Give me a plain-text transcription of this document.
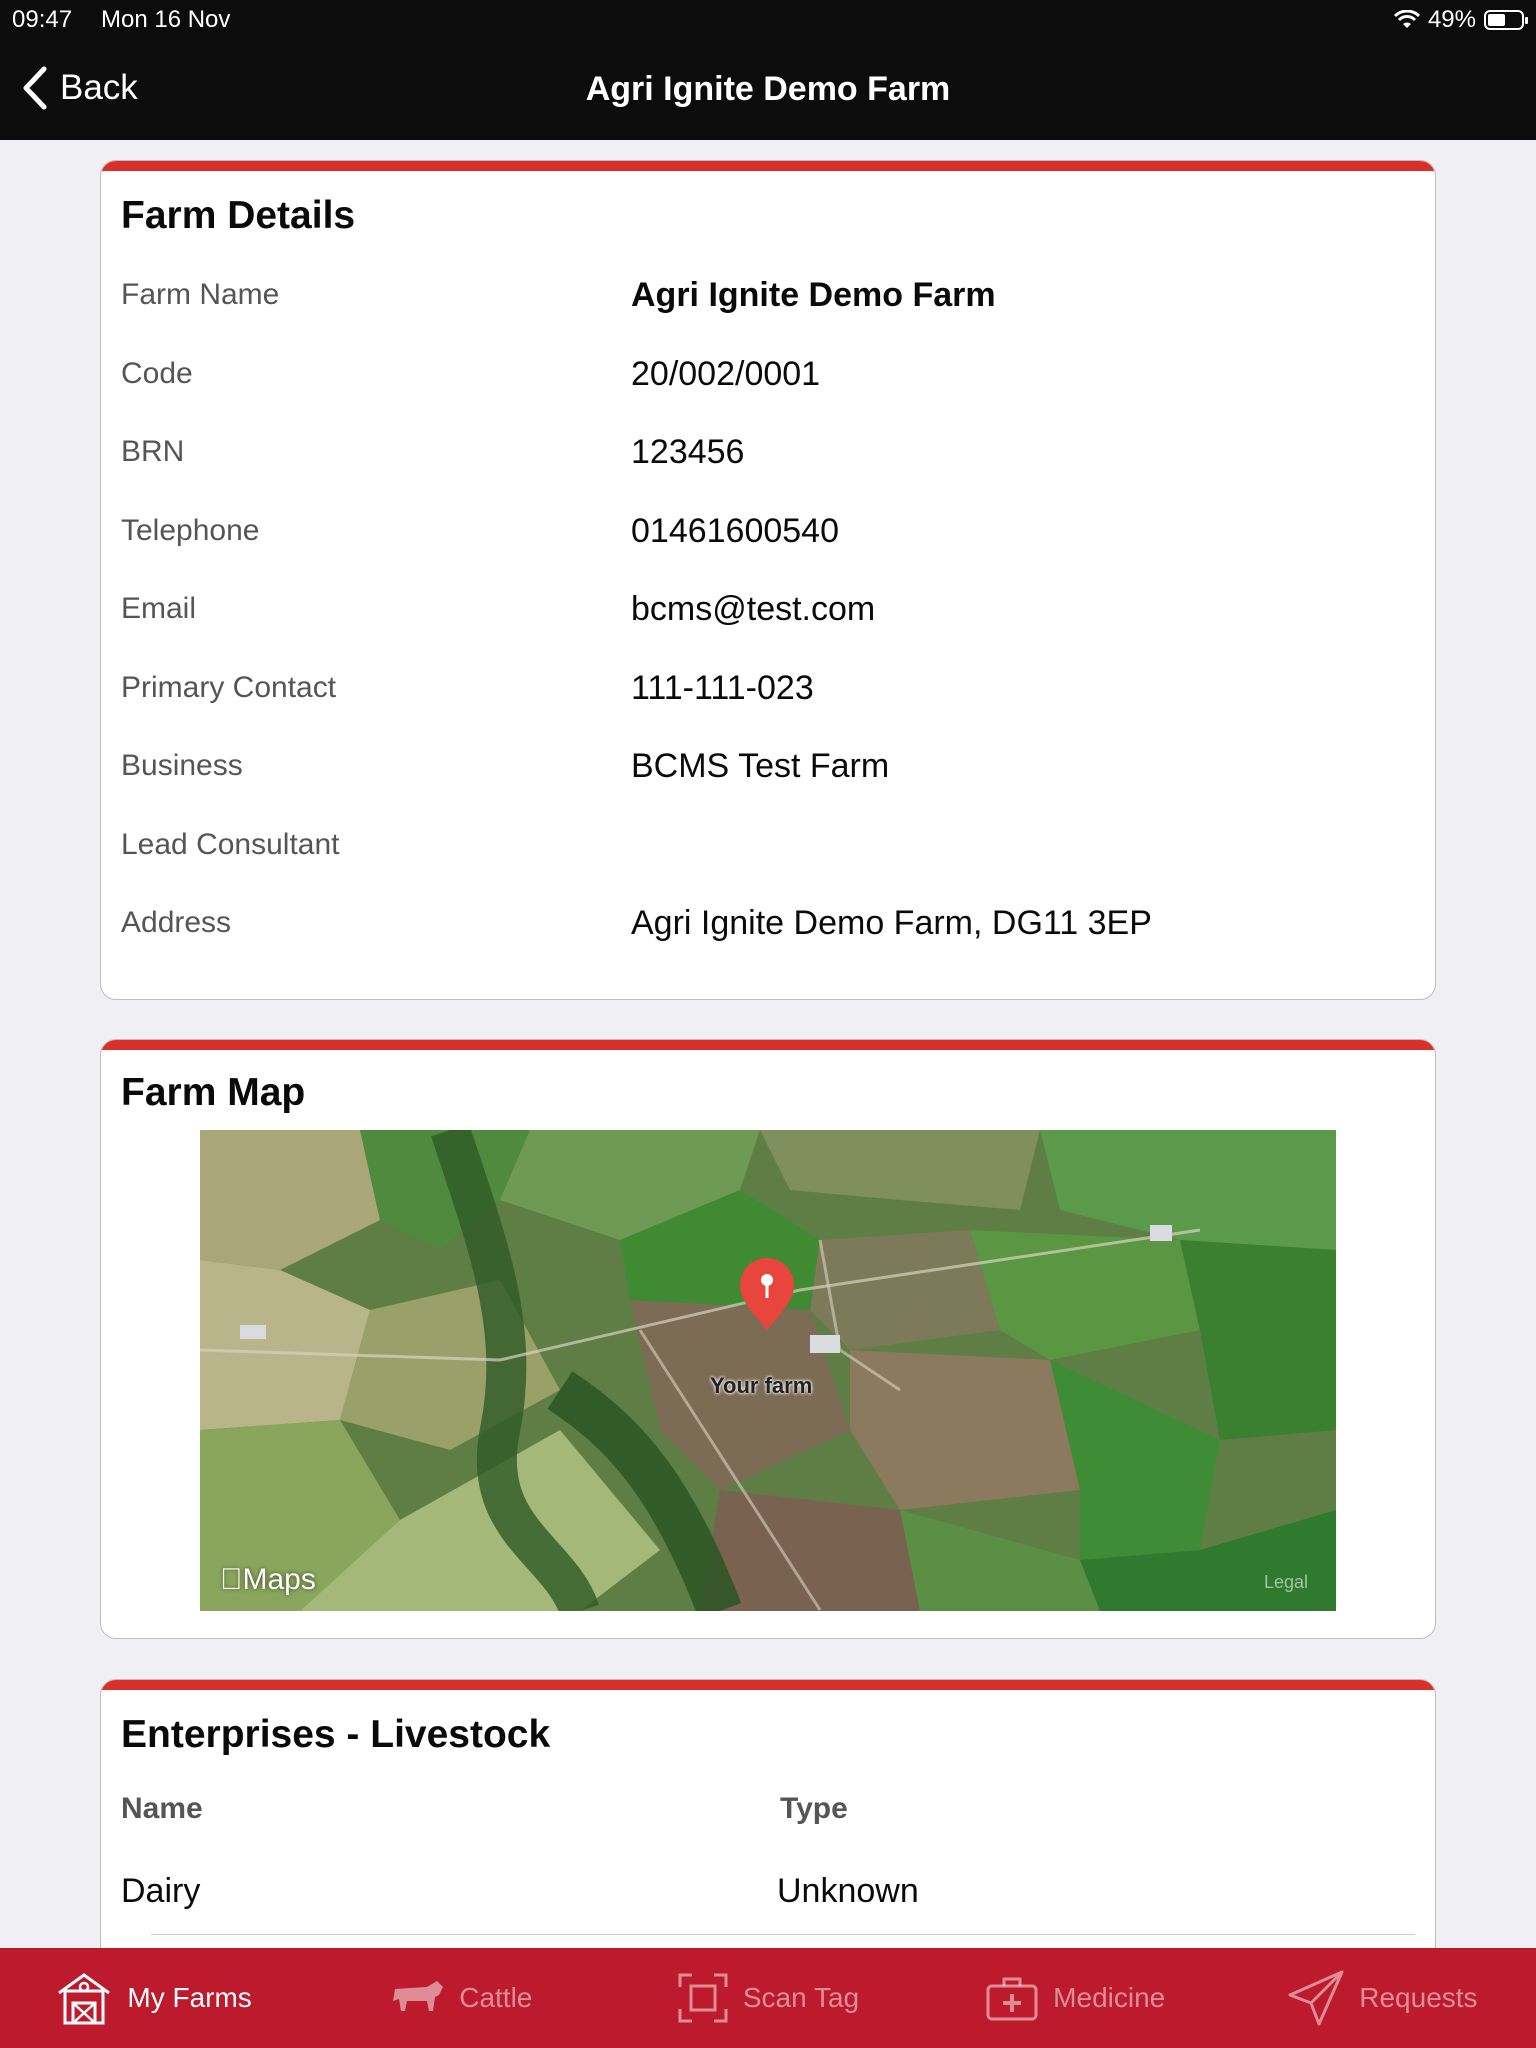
09:47 Mon 16 Nov	49%
Back	Agri Ignite Demo Farm
Farm Details
Farm Name	Agri Ignite Demo Farm
Code	20/002/0001
BRN	123456
Telephone	01461600540
Email	bcms@test.com
Primary Contact	111-111-023
Business	BCMS Test Farm
Lead Consultant
Address	Agri Ignite Demo Farm, DG11 3EP
Farm Map
Your farm
Maps	Legal
Enterprises - Livestock
Name	Type
Dairy	Unknown
My Farms	Cattle	Scan Tag	Medicine	Requests
